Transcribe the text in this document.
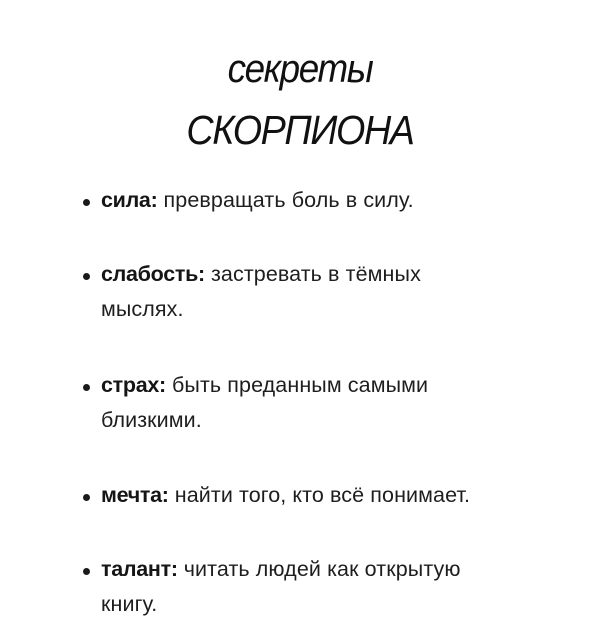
секреты
СКОРПИОНА
сила: превращать боль в силу.
слабость: застревать в тёмных
мыслях.
страх: быть преданным самыми
близкими.
мечта: найти того, кто всё понимает.
талант: читать людей как открытую
книгу.
